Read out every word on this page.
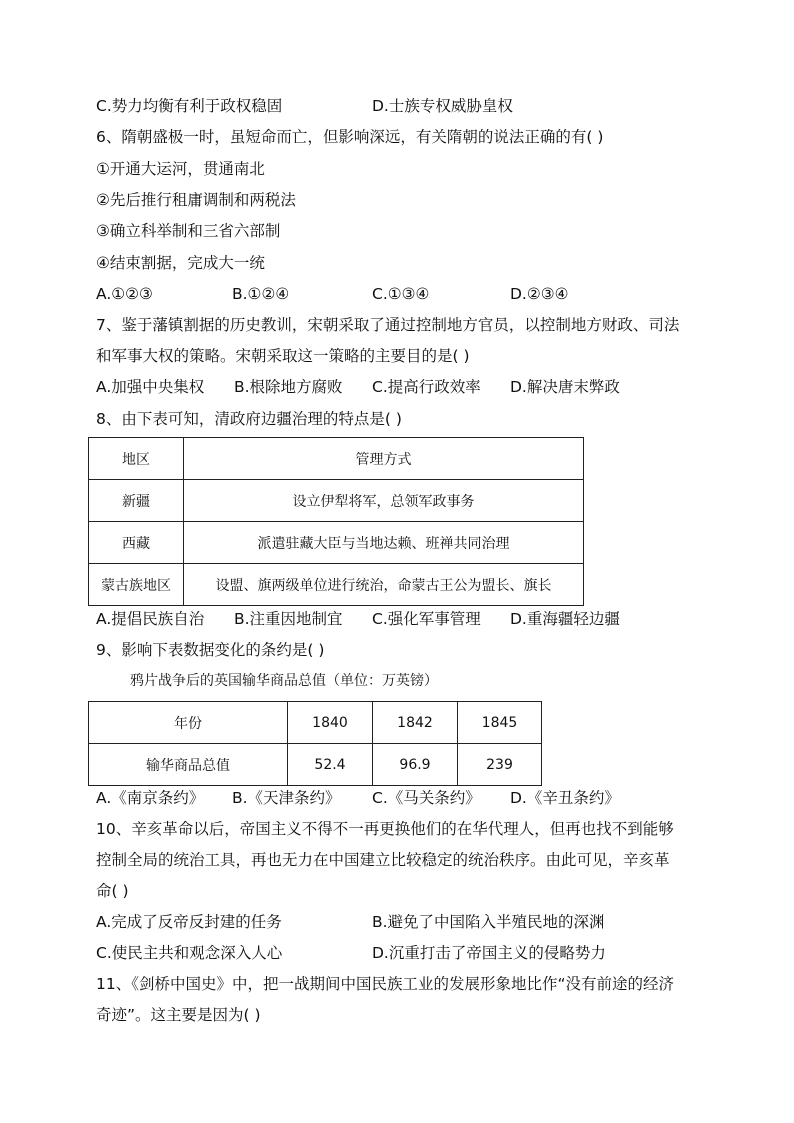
C.势力均衡有利于政权稳固	D.士族专权威胁皇权
6、隋朝盛极一时，虽短命而亡，但影响深远，有关隋朝的说法正确的有( )
①开通大运河，贯通南北
②先后推行租庸调制和两税法
③确立科举制和三省六部制
④结束割据，完成大一统
A.①②③	B.①②④	C.①③④	D.②③④
7、鉴于藩镇割据的历史教训，宋朝采取了通过控制地方官员，以控制地方财政、司法
和军事大权的策略。宋朝采取这一策略的主要目的是( )
A.加强中央集权 B.根除地方腐败 C.提高行政效率 D.解决唐末弊政
8、由下表可知，清政府边疆治理的特点是( )
地区	管理方式
新疆	设立伊犁将军，总领军政事务
西藏	派遣驻藏大臣与当地达赖、班禅共同治理
蒙古族地区	设盟、旗两级单位进行统治，命蒙古王公为盟长、旗长
A.提倡民族自治 B.注重因地制宜 C.强化军事管理 D.重海疆轻边疆
9、影响下表数据变化的条约是( )
鸦片战争后的英国输华商品总值（单位：万英镑）
年份	1840	1842	1845
输华商品总值	52.4	96.9	239
A.《南京条约》 B.《天津条约》 C.《马关条约》 D.《辛丑条约》
10、辛亥革命以后，帝国主义不得不一再更换他们的在华代理人，但再也找不到能够
控制全局的统治工具，再也无力在中国建立比较稳定的统治秩序。由此可见，辛亥革
命( )
A.完成了反帝反封建的任务	B.避免了中国陷入半殖民地的深渊
C.使民主共和观念深入人心	D.沉重打击了帝国主义的侵略势力
11、《剑桥中国史》中，把一战期间中国民族工业的发展形象地比作“没有前途的经济
奇迹”。这主要是因为( )
